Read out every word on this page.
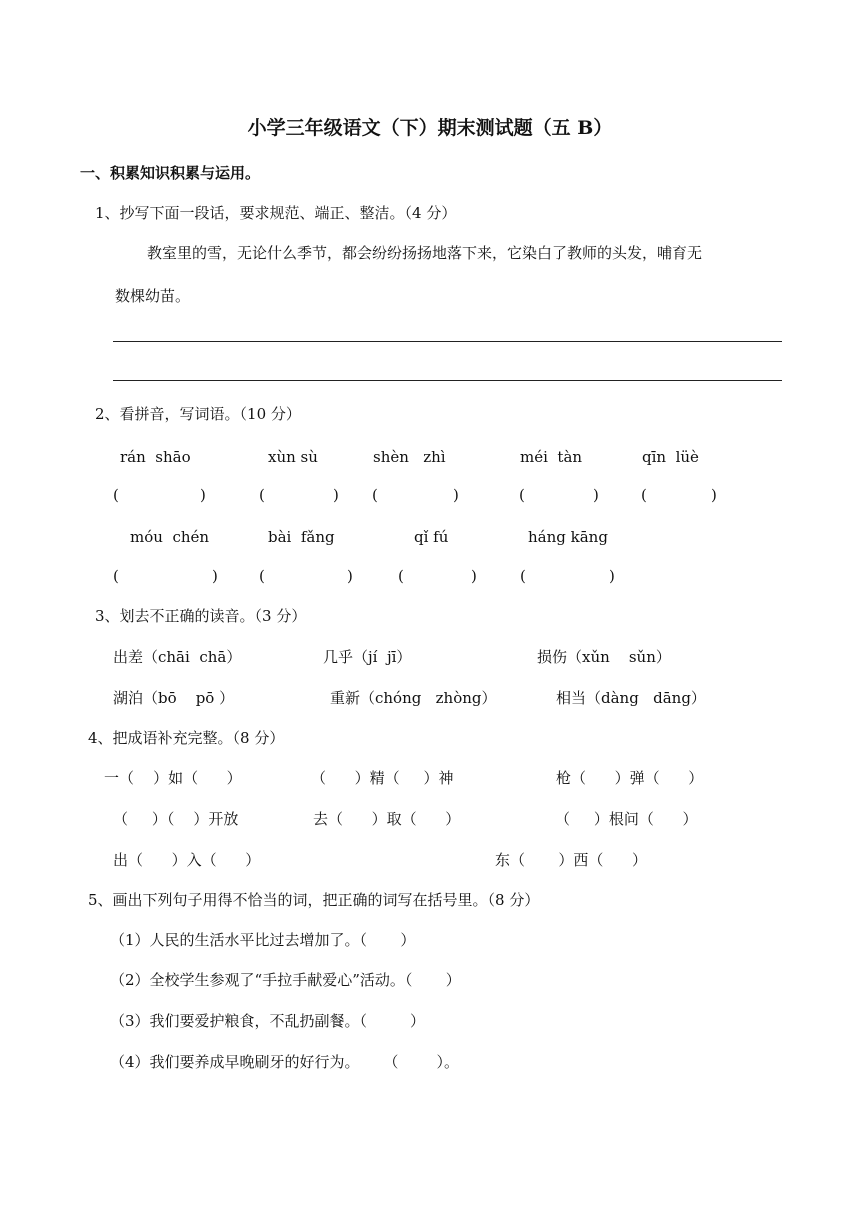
小学三年级语文（下）期末测试题（五 B）
一、积累知识积累与运用。
1、抄写下面一段话，要求规范、端正、整洁。（4 分）
教室里的雪，无论什么季节，都会纷纷扬扬地落下来，它染白了教师的头发，哺育无
数棵幼苗。
2、看拼音，写词语。（10 分）
rán  shāo	xùn sù	shèn   zhì	méi  tàn	qīn  lüè
(	)	(	) (	)	(	)	(	)
móu  chén	bài  fǎng	qǐ fú	háng kāng
(	)	(	)	(	)	(	)
3、划去不正确的读音。（3 分）
出差（chāi  chā）	几乎（jí  jī）	损伤（xǔn    sǔn）
湖泊（bō    pō ）	重新（chóng   zhòng）	相当（dàng   dāng）
4、把成语补充完整。（8 分）
一（    ）如（      ）	（      ）精（     ）神	枪（      ）弹（      ）
（     ）（    ）开放	去（      ）取（      ）	（     ）根问（      ）
出（      ）入（      ）	东（       ）西（      ）
5、画出下列句子用得不恰当的词，把正确的词写在括号里。（8 分）
（1）人民的生活水平比过去增加了。（       ）
（2）全校学生参观了“手拉手献爱心”活动。（       ）
（3）我们要爱护粮食，不乱扔副餐。（         ）
（4）我们要养成早晚刷牙的好行为。     （        ）。
